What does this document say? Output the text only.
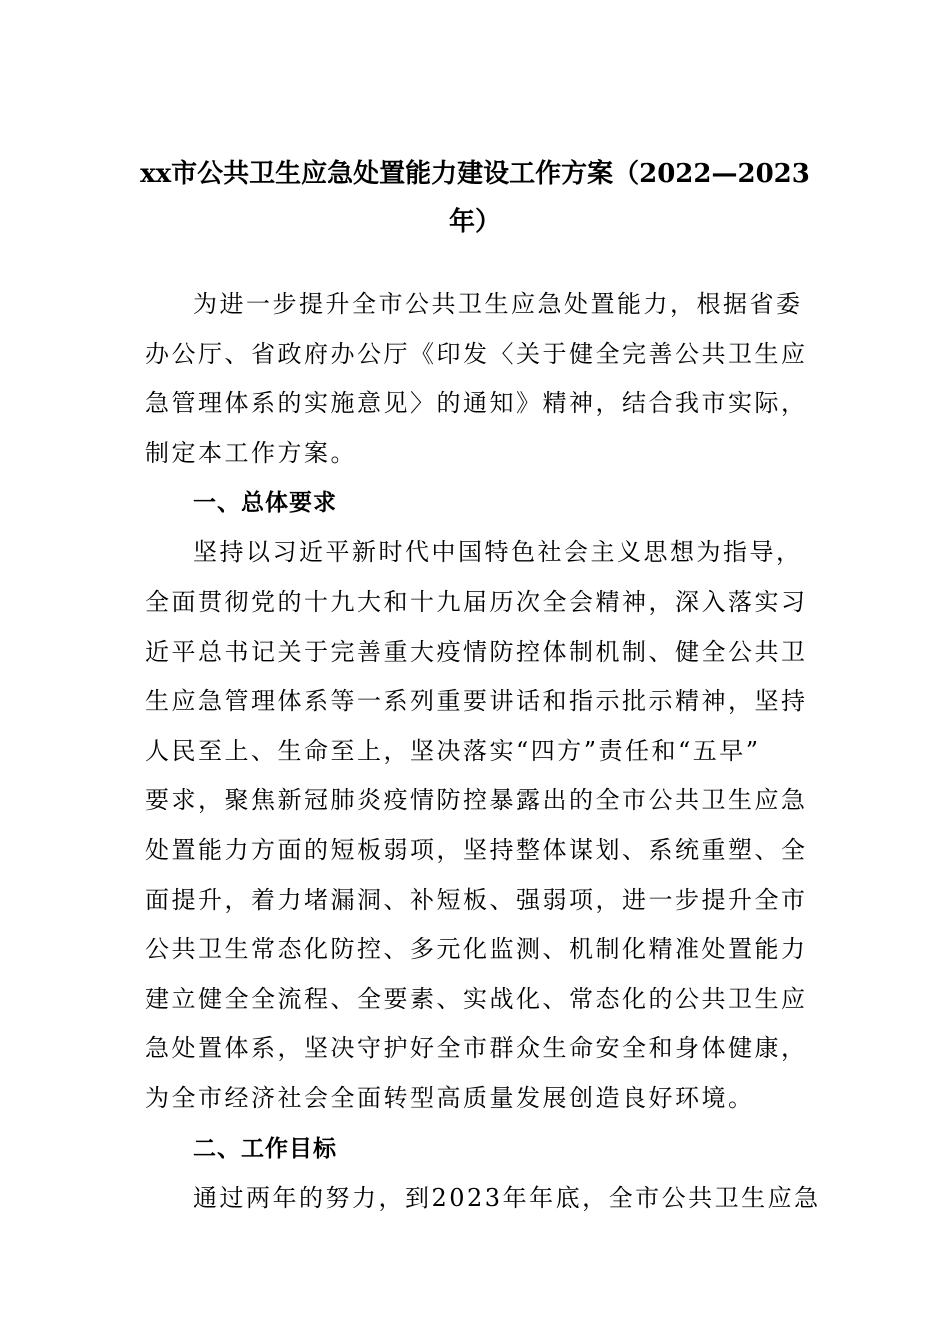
xx市公共卫生应急处置能力建设工作方案（2022—2023
年）

为进一步提升全市公共卫生应急处置能力，根据省委
办公厅、省政府办公厅《印发〈关于健全完善公共卫生应
急管理体系的实施意见〉的通知》精神，结合我市实际，
制定本工作方案。

一、总体要求

坚持以习近平新时代中国特色社会主义思想为指导，
全面贯彻党的十九大和十九届历次全会精神，深入落实习
近平总书记关于完善重大疫情防控体制机制、健全公共卫
生应急管理体系等一系列重要讲话和指示批示精神，坚持
人民至上、生命至上，坚决落实“四方”责任和“五早”
要求，聚焦新冠肺炎疫情防控暴露出的全市公共卫生应急
处置能力方面的短板弱项，坚持整体谋划、系统重塑、全
面提升，着力堵漏洞、补短板、强弱项，进一步提升全市
公共卫生常态化防控、多元化监测、机制化精准处置能力
建立健全全流程、全要素、实战化、常态化的公共卫生应
急处置体系，坚决守护好全市群众生命安全和身体健康，
为全市经济社会全面转型高质量发展创造良好环境。

二、工作目标

通过两年的努力，到2023年年底，全市公共卫生应急
